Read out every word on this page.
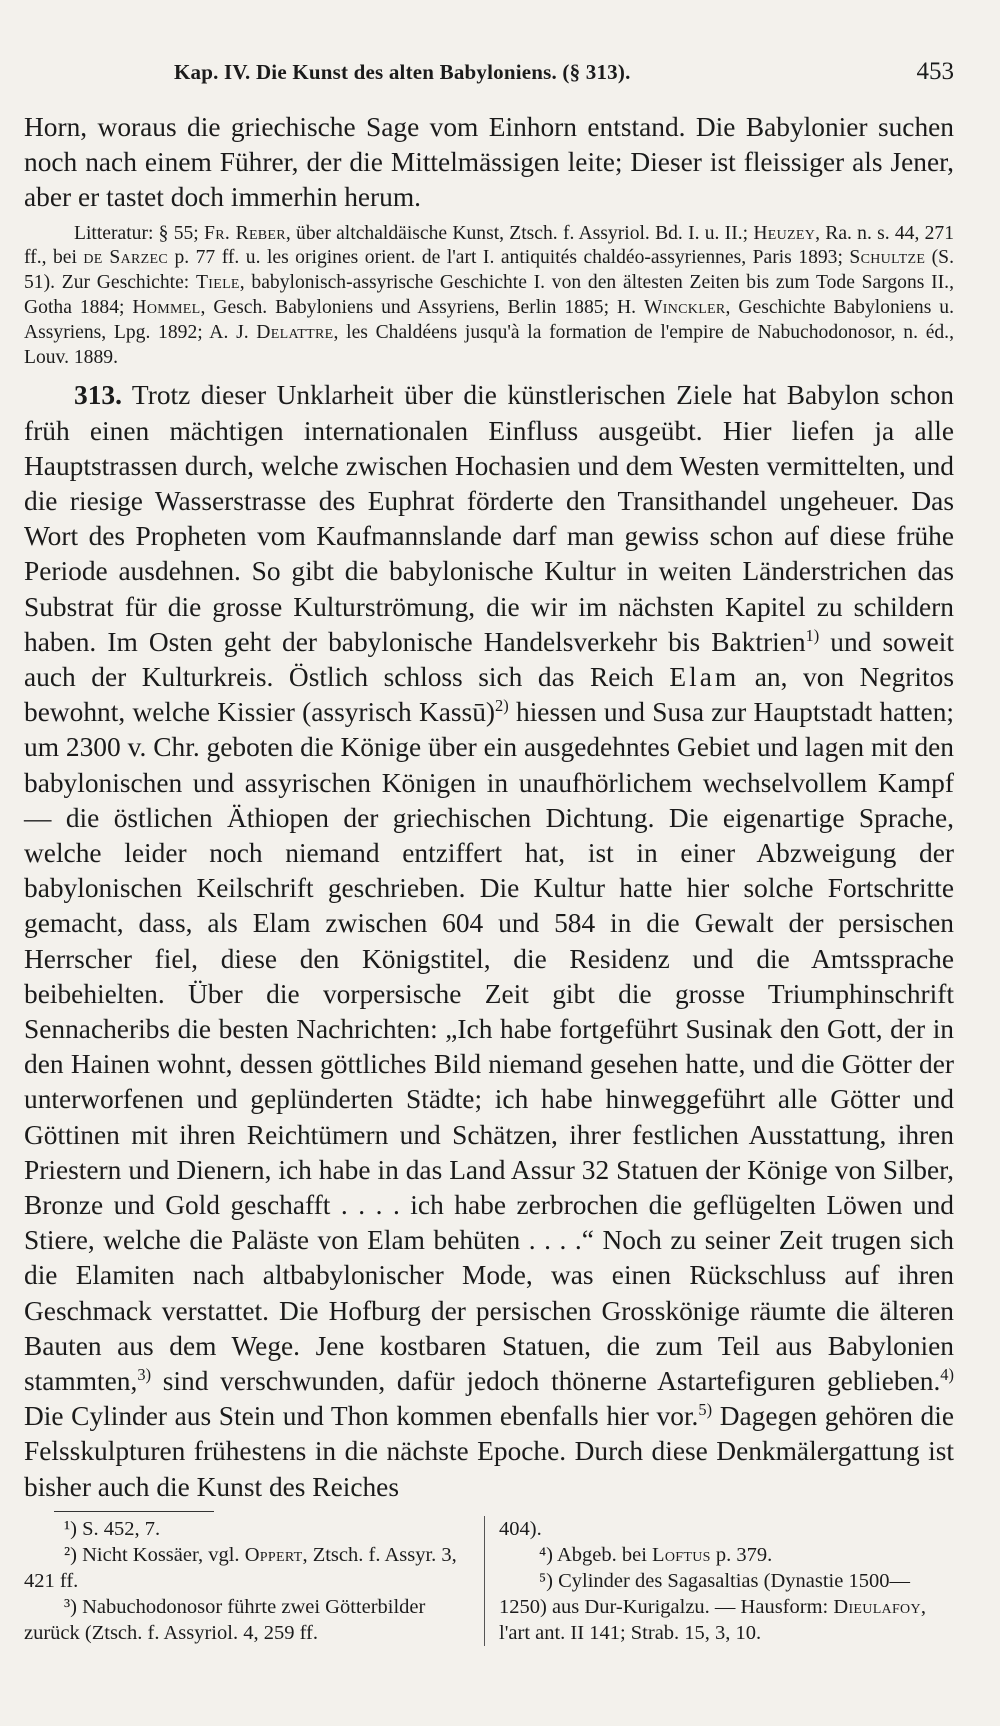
Kap. IV. Die Kunst des alten Babyloniens. (§ 313).	453

Horn, woraus die griechische Sage vom Einhorn entstand. Die Babylonier suchen noch nach einem Führer, der die Mittelmässigen leite; Dieser ist fleissiger als Jener, aber er tastet doch immerhin herum.

Litteratur: § 55; Fr. Reber, über altchaldäische Kunst, Ztsch. f. Assyriol. Bd. I. u. II.; Heuzey, Ra. n. s. 44, 271 ff., bei de Sarzec p. 77 ff. u. les origines orient. de l'art I. antiquités chaldéo-assyriennes, Paris 1893; Schultze (S. 51). Zur Geschichte: Tiele, babylonisch-assyrische Geschichte I. von den ältesten Zeiten bis zum Tode Sargons II., Gotha 1884; Hommel, Gesch. Babyloniens und Assyriens, Berlin 1885; H. Winckler, Geschichte Babyloniens u. Assyriens, Lpg. 1892; A. J. Delattre, les Chaldéens jusqu'à la formation de l'empire de Nabuchodonosor, n. éd., Louv. 1889.

313. Trotz dieser Unklarheit über die künstlerischen Ziele hat Babylon schon früh einen mächtigen internationalen Einfluss ausgeübt. Hier liefen ja alle Hauptstrassen durch, welche zwischen Hochasien und dem Westen vermittelten, und die riesige Wasserstrasse des Euphrat förderte den Transithandel ungeheuer. Das Wort des Propheten vom Kaufmannslande darf man gewiss schon auf diese frühe Periode ausdehnen. So gibt die babylonische Kultur in weiten Länderstrichen das Substrat für die grosse Kulturströmung, die wir im nächsten Kapitel zu schildern haben. Im Osten geht der babylonische Handelsverkehr bis Baktrien$^{1)}$ und soweit auch der Kulturkreis. Östlich schloss sich das Reich Elam an, von Negritos bewohnt, welche Kissier (assyrisch Kassū)$^{2)}$ hiessen und Susa zur Hauptstadt hatten; um 2300 v. Chr. geboten die Könige über ein ausgedehntes Gebiet und lagen mit den babylonischen und assyrischen Königen in unaufhörlichem wechselvollem Kampf — die östlichen Äthiopen der griechischen Dichtung. Die eigenartige Sprache, welche leider noch niemand entziffert hat, ist in einer Abzweigung der babylonischen Keilschrift geschrieben. Die Kultur hatte hier solche Fortschritte gemacht, dass, als Elam zwischen 604 und 584 in die Gewalt der persischen Herrscher fiel, diese den Königstitel, die Residenz und die Amtssprache beibehielten. Über die vorpersische Zeit gibt die grosse Triumphinschrift Sennacheribs die besten Nachrichten: „Ich habe fortgeführt Susinak den Gott, der in den Hainen wohnt, dessen göttliches Bild niemand gesehen hatte, und die Götter der unterworfenen und geplünderten Städte; ich habe hinweggeführt alle Götter und Göttinen mit ihren Reichtümern und Schätzen, ihrer festlichen Ausstattung, ihren Priestern und Dienern, ich habe in das Land Assur 32 Statuen der Könige von Silber, Bronze und Gold geschafft . . . . ich habe zerbrochen die geflügelten Löwen und Stiere, welche die Paläste von Elam behüten . . . .“ Noch zu seiner Zeit trugen sich die Elamiten nach altbabylonischer Mode, was einen Rückschluss auf ihren Geschmack verstattet. Die Hofburg der persischen Grosskönige räumte die älteren Bauten aus dem Wege. Jene kostbaren Statuen, die zum Teil aus Babylonien stammten,$^{3)}$ sind verschwunden, dafür jedoch thönerne Astartefiguren geblieben.$^{4)}$ Die Cylinder aus Stein und Thon kommen ebenfalls hier vor.$^{5)}$ Dagegen gehören die Felsskulpturen frühestens in die nächste Epoche. Durch diese Denkmälergattung ist bisher auch die Kunst des Reiches

¹) S. 452, 7.

²) Nicht Kossäer, vgl. Oppert, Ztsch. f. Assyr. 3, 421 ff.

³) Nabuchodonosor führte zwei Götterbilder zurück (Ztsch. f. Assyriol. 4, 259 ff.

404).

⁴) Abgeb. bei Loftus p. 379.

⁵) Cylinder des Sagasaltias (Dynastie 1500—1250) aus Dur-Kurigalzu. — Hausform: Dieulafoy, l'art ant. II 141; Strab. 15, 3, 10.
